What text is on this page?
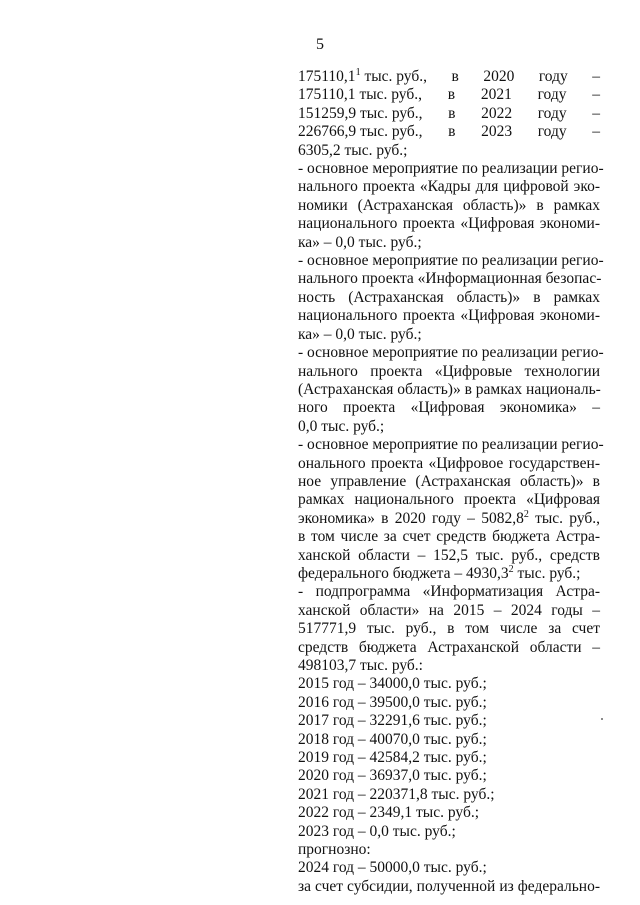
5
175110,1$^1$ тыс. руб., в 2020 году –
175110,1 тыс. руб., в 2021 году –
151259,9 тыс. руб., в 2022 году –
226766,9 тыс. руб., в 2023 году –
6305,2 тыс. руб.;
- основное мероприятие по реализации регио-
нального проекта «Кадры для цифровой эко-
номики (Астраханская область)» в рамках
национального проекта «Цифровая экономи-
ка» – 0,0 тыс. руб.;
- основное мероприятие по реализации регио-
нального проекта «Информационная безопас-
ность (Астраханская область)» в рамках
национального проекта «Цифровая экономи-
ка» – 0,0 тыс. руб.;
- основное мероприятие по реализации регио-
нального проекта «Цифровые технологии
(Астраханская область)» в рамках националь-
ного проекта «Цифровая экономика» –
0,0 тыс. руб.;
- основное мероприятие по реализации регио-
онального проекта «Цифровое государствен-
ное управление (Астраханская область)» в
рамках национального проекта «Цифровая
экономика» в 2020 году – 5082,8$^2$ тыс. руб.,
в том числе за счет средств бюджета Астра-
ханской области – 152,5 тыс. руб., средств
федерального бюджета – 4930,3$^2$ тыс. руб.;
- подпрограмма «Информатизация Астра-
ханской области» на 2015 – 2024 годы –
517771,9 тыс. руб., в том числе за счет
средств бюджета Астраханской области –
498103,7 тыс. руб.:
2015 год – 34000,0 тыс. руб.;
2016 год – 39500,0 тыс. руб.;
2017 год – 32291,6 тыс. руб.;
2018 год – 40070,0 тыс. руб.;
2019 год – 42584,2 тыс. руб.;
2020 год – 36937,0 тыс. руб.;
2021 год – 220371,8 тыс. руб.;
2022 год – 2349,1 тыс. руб.;
2023 год – 0,0 тыс. руб.;
прогнозно:
2024 год – 50000,0 тыс. руб.;
за счет субсидии, полученной из федерально-
